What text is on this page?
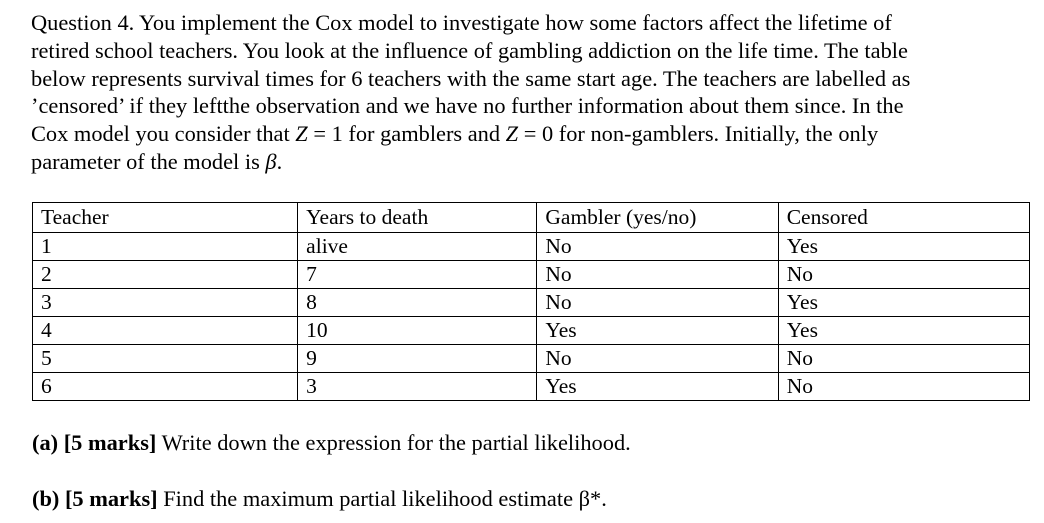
Question 4. You implement the Cox model to investigate how some factors affect the lifetime of

retired school teachers. You look at the influence of gambling addiction on the life time. The table

below represents survival times for 6 teachers with the same start age. The teachers are labelled as

’censored’ if they leftthe observation and we have no further information about them since. In the

Cox model you consider that Z = 1 for gamblers and Z = 0 for non-gamblers. Initially, the only

parameter of the model is β.

Teacher	Years to death	Gambler (yes/no)	Censored
1	alive	No	Yes
2	7	No	No
3	8	No	Yes
4	10	Yes	Yes
5	9	No	No
6	3	Yes	No

(a) [5 marks] Write down the expression for the partial likelihood.

(b) [5 marks] Find the maximum partial likelihood estimate β*.
